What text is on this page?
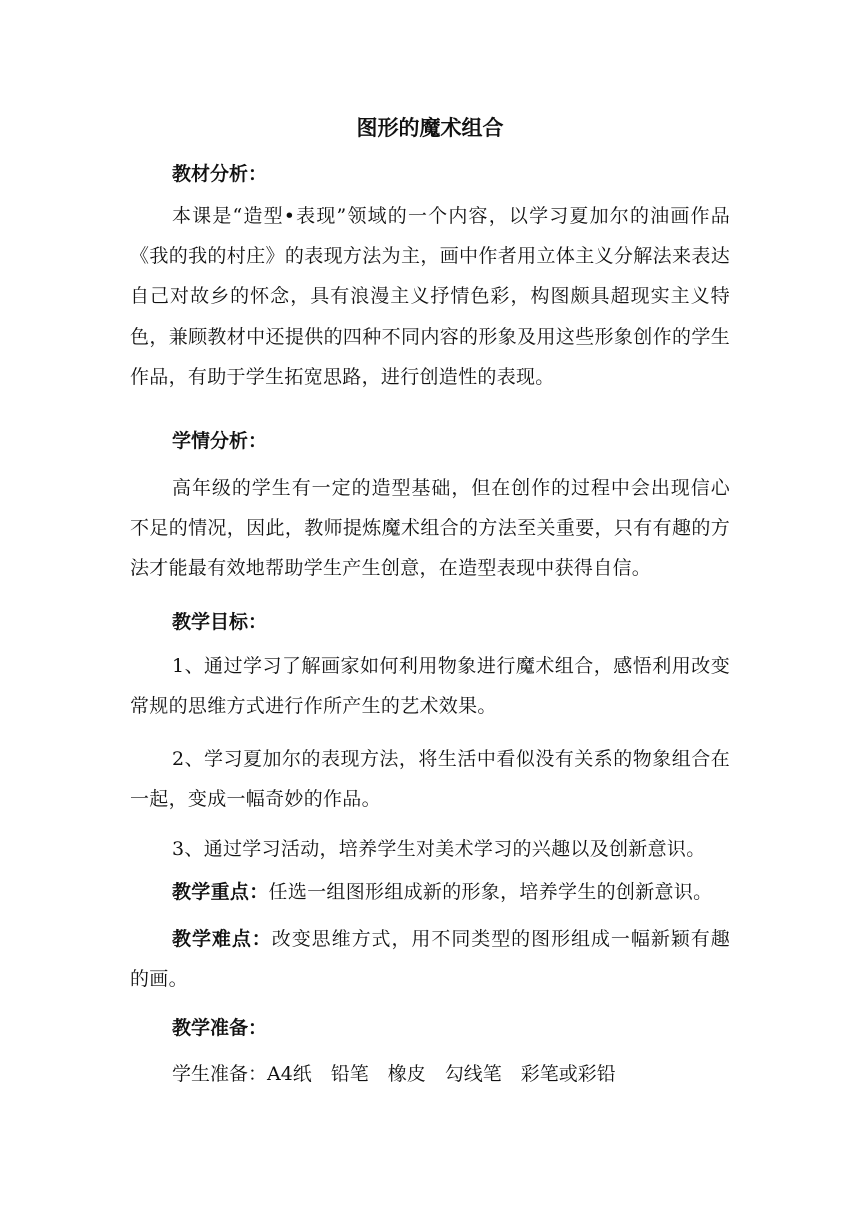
图形的魔术组合
教材分析：
本课是“造型•表现”领域的一个内容，以学习夏加尔的油画作品《我的我的村庄》的表现方法为主，画中作者用立体主义分解法来表达自己对故乡的怀念，具有浪漫主义抒情色彩，构图颇具超现实主义特色，兼顾教材中还提供的四种不同内容的形象及用这些形象创作的学生作品，有助于学生拓宽思路，进行创造性的表现。
学情分析：
高年级的学生有一定的造型基础，但在创作的过程中会出现信心不足的情况，因此，教师提炼魔术组合的方法至关重要，只有有趣的方法才能最有效地帮助学生产生创意，在造型表现中获得自信。
教学目标：
1、通过学习了解画家如何利用物象进行魔术组合，感悟利用改变常规的思维方式进行作所产生的艺术效果。
2、学习夏加尔的表现方法，将生活中看似没有关系的物象组合在一起，变成一幅奇妙的作品。
3、通过学习活动，培养学生对美术学习的兴趣以及创新意识。
教学重点：任选一组图形组成新的形象，培养学生的创新意识。
教学难点：改变思维方式，用不同类型的图形组成一幅新颖有趣的画。
教学准备：
学生准备：A4纸　铅笔　橡皮　勾线笔　彩笔或彩铅
